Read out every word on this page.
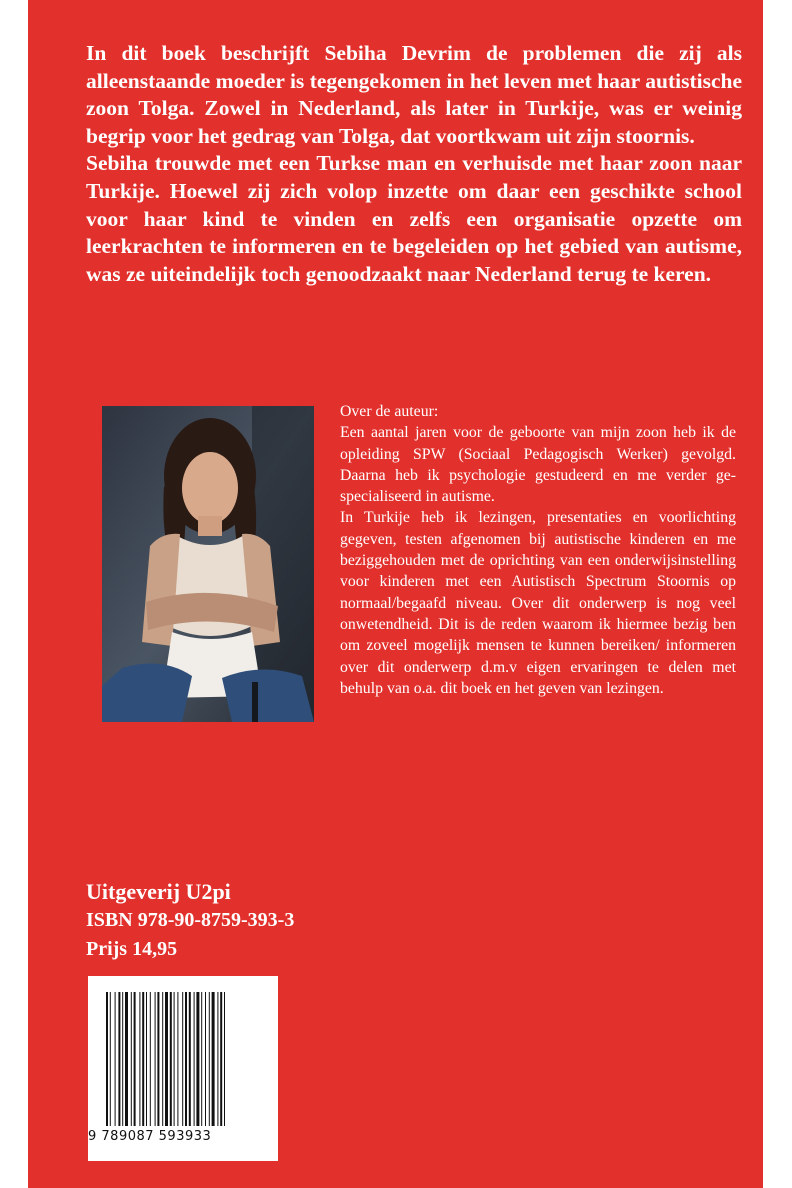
In dit boek beschrijft Sebiha Devrim de problemen die zij als alleenstaande moeder is tegengekomen in het leven met haar autistische zoon Tolga. Zowel in Nederland, als later in Turkije, was er weinig begrip voor het gedrag van Tolga, dat voortkwam uit zijn stoornis.

Sebiha trouwde met een Turkse man en verhuisde met haar zoon naar Turkije. Hoewel zij zich volop inzette om daar een geschikte school voor haar kind te vinden en zelfs een organisatie opzette om leerkrachten te informeren en te begeleiden op het gebied van autisme, was ze uiteindelijk toch genoodzaakt naar Nederland terug te keren.

Over de auteur:

Een aantal jaren voor de geboorte van mijn zoon heb ik de opleiding SPW (Sociaal Pedagogisch Werker) gevolgd. Daarna heb ik psychologie gestudeerd en me verder gespecialiseerd in autisme.

In Turkije heb ik lezingen, presentaties en voorlichting gegeven, testen afgenomen bij autistische kinderen en me beziggehouden met de oprichting van een onderwijsinstelling voor kinderen met een Autistisch Spectrum Stoornis op normaal/begaafd niveau. Over dit onderwerp is nog veel onwetendheid. Dit is de reden waarom ik hiermee bezig ben om zoveel mogelijk mensen te kunnen bereiken/ informeren over dit onderwerp d.m.v eigen ervaringen te delen met behulp van o.a. dit boek en het geven van lezingen.

Uitgeverij U2pi
ISBN 978-90-8759-393-3
Prijs 14,95
9 789087 593933
